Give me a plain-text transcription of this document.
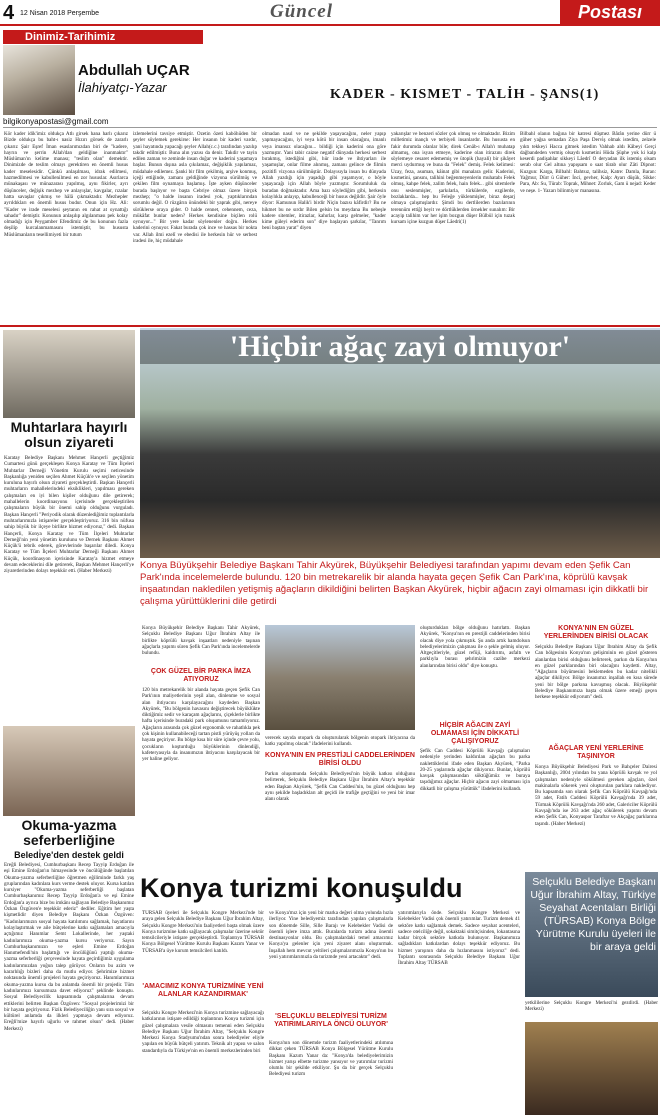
4 12 Nisan 2018 Perşembe	Güncel	Postası
Dinimiz-Tarihimiz
Abdullah UÇAR
İlahiyatçı-Yazar
bilgikonyapostasi@gmail.com
KADER - KISMET - TALİH - ŞANS(1)
Kör kader idik'imiz oldukça Atlı girsek hana harlı çıkarız Bizde oldukça bu baht-ı nasiz Hızırı görsek de zararlı çıkarız Şair Eşref İman esaslarımızdan biri de "kadere, hayrın ve şerrin Allah'dan geldiğine inanmaktır" Müslüman'ın kelime manası; "teslim olan" demektir. Dinimizde de teslim olmayı gerektiren en önemli husus kader meselesidir. Çünkü anlaşılması, idrak edilmesi, hazmedilmesi ve kabullenilmesi en zor hususlar. Asırlarca münakaşası ve münazarası yapılmış, aynı fikirler, ayrı düşünceler, değişik mezhep ve anlayışlar, kavgalar, rızalar hatta savaşlar çıkmış ve hâlâ çıkmaktadır. Mezhepler ayrıldıkları en önemli husus budur. Onun için Hz. Ali: "Kader ve irade meselesi şeytanın en rahat at oynattığı sahadır" demiştir. Konunun anlaşılıp algılanması pek kolay olmadığı için Peygamber Efendimiz de bu konunun fazla deşilip kurcalanmamasını istemiştir, bu hususta Müslümanların tesellimiyeti bir tutum
izlemelerini tavsiye etmiştir. Özetin özeti kaböhüden bir şeyler söylemek gerekirse: Her insanın bir kaderi vardır, yani hayatında yapacağı şeyler Allah(c.c.) tarafından yazılıp takdir edilmiştir. Buna alın yazısı da denir. Takdir ve tayin edilen zaman ve zeminde insan doğar ve kaderini yaşamaya başlar. Bunun dışına asla çıkılamaz, değişiklik yapılamaz, müdahale edilemez. Şanki bir film çekilmiş, arşive konmuş, içeği ettiğinde, zamanı geldiğinde vizyona sürülmüş ve çekilen film oynamaya başlamış. İşte ayken düşünceler burada başlıyor ve başta Cebriye olmaz üzere birçok mezhep; "o halde insanın iradesi yok, yaptıklarından sorumlu değil. O rüzgârın önündeki bir yaprak gibi, nereye sürüklerse oraya gider. O halde cennet, cehennem, ceza, mükâfat bunlar neden? Herkes kendisine biçilen rolü oynuyor..." Bir yere kadar söylenenler doğru. Herkes kaderini oynuyor. Fakat burada çok ince ve hassas bir nokta var. Allah ilmi ezelî ve ebedisi ile herkesin hür ve serbest iradesi ile, hiç müdahale
olmadan nasıl ve ne şekilde yaşayacağını, neler yapıp yapmayacağını, iyi veya kötü bir insan olacağını, imanlı veya imansız olacağını... bildiği için kaderini ona göre yazmıştır. Yani tabir caizse negatif dünyada herkesi serbest bırakmış, istediğini gibi, hür irade ve ihtiyarları ile yaşamışlar, onlar filme alınmış, zamanı gelince de filmin pozitifi vizyona sürülmüştür. Dolayısıyla insan bu dünyada Allah yazdığı için yaşadığı gibi yaşamıyor, o böyle yaşayacağı için Allah böyle yazmıştır. Sorumluluk da buradan doğmaktadır. Ama bazı söylediğim gibi, herkesin kolaylıkla anlayıp, kabullenceği bir husus değildir. Şair öyle diyor: Kamunun Halik'i birdir Niçin bazısı kâfirdir? Bu ne hikmet bu ne sırdır Bilen gelsin bu meydana Bu nebeşle kadere sitemler, itirazlar, kahırlar, karşı gelmeler, "kader kime güleyi ederim son" diye başlayan şarkılar, "Tanrım beni baştan yarat" diyen
yakarışlar ve benzeri sözler çok olmuş ve olmaktadır. Bizim milletimiz inançlı ve terbiyeli insanlardır. Bu hususta en fakir durumda olanlar bile; direk Cenâb-ı Allah'ı muhatap almamış, ona isyan etmeye, kaderine olan itirazını direk söylemeye cesaret edememiş ve ütopik (hayali) bir şikâyet merci uydurmuş ve buna da "Felek" demiş. Felek kelimesi: Uzay, feza, asuman, kâinat gibi manalara gelir. Kaderini, kısmetini, şansını, talihini beğenmeyenlerin muhatabı Felek olmuş, kahpe felek, zalim felek, hain felek... gibi sitemlerle onu seslenmişler, şarkılarla, türkülerde, ezgilerde, bozlaklarda... hep bu Feleğe yüklenmişler, biraz deşarj olmaya çalışmışlardır. Şimdi bu dertlilerden bazılarının terennüm ettiği beyit ve dörtlüklerden örnekler sunalım: Bir acayip talihim var her işim bozgun düşer Bülbül için tuzak kursam içine kuzgun düşer Lâedri(1)
Bilbahl olanın bağına bir katresi düşmez Bârân yerine dürr ü gûher yağsa semadan Ziya Paşa Dervi̇ş olmak istedim, zelzele yıktı tekkeyi Hacca gitmek istedim Vahhab aldı Kâbeyi Gerçi dağbandeden vermiş olsaydı kısmetini Hüda Şüphe yok ki kalp keserdi padişahlar sikkeyi Lâedrî O deryadan ilk istemiş olsam serab olur Gel altına yapışsam o saat türab olur Zâti Dipnot: Kuzgun: Karga, Bilbahl: Bahtsız, talihsiz, Katre: Damla, Baran: Yağmur, Dürr ü Güher: İnci, gevher, Kalp: Ayarı düşük, Sikke: Para, Ab: Su, Türab: Toprak, Mihnet: Zorluk, Gam ü nejad: Keder ve neşe. 1- Yazarı bilinmiyor manasına.
'Hiçbir ağaç zayi olmuyor'
Konya Büyükşehir Belediye Başkanı Tahir Akyürek, Büyükşehir Belediyesi tarafından yapımı devam eden Şefik Can Park'ında incelemelerde bulundu. 120 bin metrekarelik bir alanda hayata geçen Şefik Can Park'ına, köprülü kavşak inşaatından nakledilen yetişmiş ağaçların dikildiğini belirten Başkan Akyürek, hiçbir ağacın zayi olmaması için dikkatli bir çalışma yürüttüklerini dile getirdi
Muhtarlara hayırlı olsun ziyareti
Karatay Belediye Başkanı Mehmet Hançerli geçtiğimiz Cumartesi günü gerçekleşen Konya Karatay ve Tüm İlçeleri Muhtarlar Derneği Yönetim Kurulu seçimi neticesinde Başkanlığa yeniden seçilen Ahmet Küçük'e ve seçilen yönetim kuruluna hayırlı olsun ziyareti gerçekleştirdi. Başkan Hançerli muhtarların mahallelerindeki eksiklikleri, yapılması gereken çalışmaları en iyi bilen kişiler olduğunu dile getirerek; mahallelerin koordinasyonu içerisinde gerçekleştirilen çalışmaların büyük bir önemi sahip olduğunu vurguladı. Başkan Hançerli "Periyodik olarak düzenlediğimiz toplantılarla muhtarlarımızla istişareler gerçekleştiriyoruz. 316 bin nüfusa sahip büyük bir ilçeye birlikte hizmet ediyoruz," dedi. Başkan Hançerli, Konya Karatay ve Tüm İlçeleri Muhtarlar Derneği'nin yeni yönetim kurulunu ve Dernek Başkanı Ahmet Küçük'ü tebrik ederek, görevlerinde başarılar diledi. Konya Karatay ve Tüm İlçeleri Muhtarlar Derneği Başkanı Ahmet Küçük, koordinasyon içerisinde Karatay'a hizmet etmeye devam edeceklerini dile getirerek, Başkan Mehmet Hançerli'ye ziyaretlerinden dolayı teşekkür etti. (Haber Merkezi)
Konya Büyükşehir Belediye Başkanı Tahir Akyürek, Selçuklu Belediye Başkanı Uğur İbrahim Altay ile birlikte köprülü kavşak inşaatları nedeniyle taşınan ağaçlarla yapımı süren Şefik Can Park'ında incelemelerde bulundu.
ÇOK GÜZEL BİR PARKA İMZA ATIYORUZ
120 bin metrekarelik bir alanda hayata geçen Şefik Can Park'ının maliyetlerinin yeşil alan, dinlenme ve sosyal alan ihtiyacını karşılayacağını kaydeden Başkan Akyürek, "Bu bölgenin havasını değiştirecek büyüklükte diktiğimiz sedir ve karaçam ağaçlarını, çiçeklerle birlikte hafta içerisinde buradaki park oluşumunu tamamlıyoruz. Ağaçların arasında çok güzel ergonomik ve rahatlıkla pek çok kişinin kullanabileceği tartan pistli yürüyüş yolları da hayata geçiriyor. Bu bölge kısa bir süre içinde çevre yolu, çocukların koşturduğu büyüklerinin dinlendiği, kafeteryasıyla da insanımızın ihtiyacını karşılayacak bir yer haline geliyor.
verecek sayıda otopark da oluşturularak bölgenin otopark ihtiyacına da katkı yapılmış olacak" ifadelerini kullandı.
KONYA'NIN EN PRESTİJLİ CADDELERİNDEN BİRİSİ OLDU
Parkın oluşumunda Selçuklu Belediyesi'nin büyük katkısı olduğunu belirterek, Selçuklu Belediye Başkanı Uğur İbrahim Altay'a teşekkür eden Başkan Akyürek, "Şefik Can Caddesi'nin, bu güzel olduğunu hep aynı şekilde başladıkları alt geçidi ile trafiğe geçtiğini ve yeni bir imar alanı olarak
oluşturdukları bölge olduğunu hatırlattı. Başkan Akyürek, "Konya'nın en prestijli caddelerinden birisi olacak diye yola çıkmıştık. Şu anda artık hamdolsun belediyelerimizin çalışması ile o şekle gelmiş oluyor. Altgeçitleriyle, güzel refüji, kaldırımı, asfaltı ve parklıyla burası şehrimizin cazibe merkezi alanlarından birisi oldu" diye konuştu.
HİÇBİR AĞACIN ZAYİ OLMAMASI İÇİN DİKKATLİ ÇALIŞIYORUZ
Şefik Can Caddesi Köprülü Kavşağı çalışmaları nedeniyle yerinden kaldırılan ağaçları bu parka naklettiklerini ifade eden Başkan Akyürek, "Parka 20-25 yaşlarında ağaçlar dikiyoruz. Bunlar, köprülü kavşak çalışmasından söktüğümüz ve buraya taşıdığımız ağaçlar. Hiçbir ağacın zayi olmaması için dikkatli bir çalışma yürüttük" ifadelerini kullandı.
KONYA'NIN EN GÜZEL YERLERİNDEN BİRİSİ OLACAK
Selçuklu Belediye Başkanı Uğur İbrahim Altay da Şefik Can bölgesinin Konya'nın gelişiminin en güzel gösteren alanlardan birisi olduğunu belirterek, parkın da Konya'nın en güzel parklarından biri olacağını kaydetti. Altay, "Ağaçların büyümesini beklemeden bu kadar nitelikli ağaçlar dikiliyor. Bölge insanımız inşallah en kısa sürede yeni bir bölge parkına kavuşmuş olacak. Büyükşehir Belediye Başkanımıza başta olmak üzere emeği geçen herkese teşekkür ediyorum" dedi.
AĞAÇLAR YENİ YERLERİNE TAŞINIYOR
Konya Büyükşehir Belediyesi Park ve Bahçeler Dairesi Başkanlığı, 2004 yılından bu yana köprülü kavşak ve yol çalışmaları nedeniyle sökülmesi gereken ağaçları, özel makinalarla sökerek yeni oluşturulan parklara naklediyor. Bu kapsamda son olarak Şefik Can Köprülü Kavşağı'nda 59 adet, Fatih Caddesi Köprülü Kavşağı'nda 39 adet, Türmak Köprülü Kavşağı'nda 260 adet, Galericiler Köprülü Kavşağı'nda ise 263 adet ağaç sökülerek yapımı devam eden Şefik Can, Konyaspor Taraftar ve Akçağaç parklarına taşındı. (Haber Merkezi)
Okuma-yazma seferberliğine
Beledi̇ye'den destek geldi
Ereğli Belediyesi, Cumhurbaşkanı Recep Tayyip Erdoğan ile eşi Emine Erdoğan'ın himayesinde ve öncülüğünde başlatılan Okuma-yazma seferberliğine öğretmen eğiliminde farklı yaş gruplarından kadınlara kurs verme destek oluyor. Kursa katılan kursiyer "Okuma-yazma seferberliği başlatan Cumhurbaşkanımız Recep Tayyip Erdoğan'a ve eşi Emine Erdoğan'a ayrıca bize bu imkânı sağlayan Belediye Başkanımız Özkan Özgüven'e teşekkür ederiz" dediler. Eğitim her yaşta kişmetlidir diyen Belediye Başkanı Özkan Özgüven: "Kadınlarımızın sosyal hayata katılımını sağlamak, hayatlarını kolaylaştırmak ve aile bütçelerine katkı sağlamaları amacıyla açtığımız Hanımlar Semt Lokallerinde, her yaştaki kadınlarımıza okuma-yazma kursu veriyoruz. Sayın Cumhurbaşkanımızın ve eşleri Emine Erdoğan Hanımefendi'nin başlattığı ve öncülüğünü yaptığı okuma-yazma seferberliği çerçevesinde hayata geçirdiğimiz uygulama kadınlarımızdan yoğun talep görüyor. Onların bu azim ve kararlılığı bizleri daha da mutlu ediyor. Şehrimize hizmet noktasında önemli projeleri hayata geçiriyoruz. Hanımlarımıza okuma-yazma kursu da bu anlamda önemli bir projedir. Tüm kadınlarımızı kursumuza davet ediyoruz" şeklinde konuştu. Sosyal Belediyecilik kapsamında çalışmalarına devam ettiklerini belirten Başkan Özgüven: "Sosyal projelerimizi bir bir hayata geçiriyoruz. Fizik Belediyeciliğin yanı sıra sosyal ve kültürel anlamda da ilkleri yapmaya devam ediyoruz. Ereğli'mize hayırlı uğurlu ve rahmet olsun" dedi. (Haber Merkezi)
Konya turizmi konuşuldu	Selçuklu Belediye Başkanı Uğur İbrahim Altay, Türkiye Seyahat Acentaları Birliği (TÜRSAB) Konya Bölge Yürütme Kurulu üyeleri ile bir araya geldi
TÜRSAB üyeleri ile Selçuklu Kongre Merkezi'nde bir araya gelen Selçuklu Belediye Başkanı Uğur İbrahim Altay, Selçuklu Kongre Merkezi'nin faaliyetleri başta olmak üzere Konya turizmine katkı sağlayacak çalışmalar üzerine sektör temsilcileriyle istişare gerçekleştirdi. Toplantıya TÜRSAB Konya Bölgesel Yürütme Kurulu Başkanı Kazım Yanar ve TÜRSAB'a üye kurum temsilcileri katıldı.
'AMACIMIZ KONYA TURİZMİNE YENİ ALANLAR KAZANDIRMAK'
Selçuklu Kongre Merkezi'nin Konya turizmine sağlayacağı katkılarının istişare edildiği toplantının Konya turizmi için güzel çalışmalara vesile olmasını temenni eden Selçuklu Belediye Başkanı Uğur İbrahim Altay, "Selçuklu Kongre Merkezi Konya Stadyumu'ndan sonra belediyeler eliyle yapılan en büyük bütçeli yatırım. Teknik alt yapısı ve salon standardıyla da Türkiye'nin en önemli merkezlerinden biri
ve Konya'mız için yeni bir marka değeri olma yolunda hızla ilerliyor. Yine belediyemiz tarafından yapılan çalışmalarla son dönemde Sille, Sille Barajı ve Kelebekler Vadisi de önemli işlere imza attık. Buralarda turizm adına önemli destinasyonlar oldu. Bu çalışmalardaki temel amacımız Konya'ya gelenler için yeni ziyaret alanı oluşturmak. İnşallah hem mevcut yeltileri çalışmalarımızla Konya'nın bu yeni yatırımlarımızla da turizmde yeni artacaktır" dedi.
'SELÇUKLU BELEDİYESİ TURİZM YATIRIMLARIYLA ÖNCÜ OLUYOR'
Konya'nın son dönemde turizm faaliyetlerindeki atılımına dikkat çeken TÜRSAB Konya Bölgesel Yürütme Kurulu Başkanı Kazım Yanar da: "Konya'da belediyelerimizin hizmet yarışı elbette turizme yansıyor ve yatırımlar turizmi olumlu bir şekilde etkiliyor. Şu da bir gerçek Selçuklu Belediyesi turizm
yatırımlarıyla önde. Selçuklu Kongre Merkezi ve Kelebekler Vadisi çok önemli yatırımlar. Turizm demek 41 sektöre katkı sağlamak demek. Sadece seyahat acenteleri, sadece otelciliğe değil, sokaktaki simitçisinden, lokantasına kadar birçok sektöre katkıda bulunuyor. Başkanımıza sağladıkları katkılardan dolayı teşekkür ediyoruz. Bu hizmet yarışının daha da hızlanmasını istiyoruz" dedi. Toplantı sonrasında Selçuklu Belediye Başkanı Uğur İbrahim Altay TÜRSAB
yetkililerine Selçuklu Kongre Merkezi'ni gezdirdi. (Haber Merkezi)
